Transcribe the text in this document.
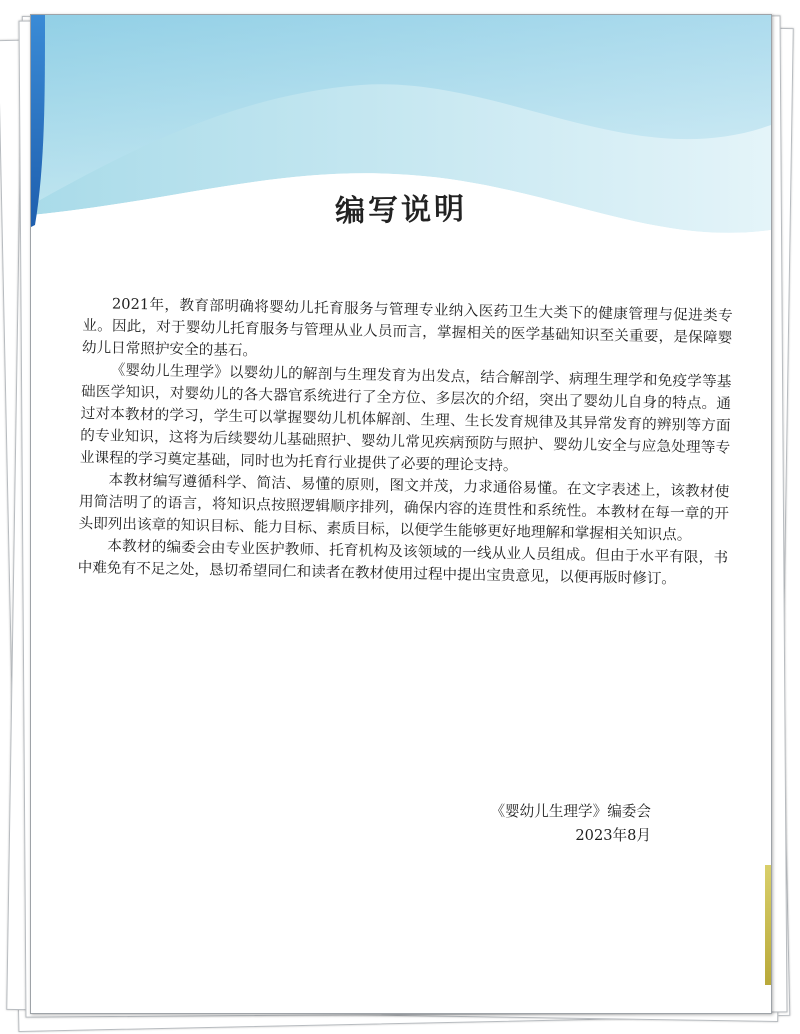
编写说明

2021年，教育部明确将婴幼儿托育服务与管理专业纳入医药卫生大类下的健康管理与促进类专业。因此，对于婴幼儿托育服务与管理从业人员而言，掌握相关的医学基础知识至关重要，是保障婴幼儿日常照护安全的基石。

《婴幼儿生理学》以婴幼儿的解剖与生理发育为出发点，结合解剖学、病理生理学和免疫学等基础医学知识，对婴幼儿的各大器官系统进行了全方位、多层次的介绍，突出了婴幼儿自身的特点。通过对本教材的学习，学生可以掌握婴幼儿机体解剖、生理、生长发育规律及其异常发育的辨别等方面的专业知识，这将为后续婴幼儿基础照护、婴幼儿常见疾病预防与照护、婴幼儿安全与应急处理等专业课程的学习奠定基础，同时也为托育行业提供了必要的理论支持。

本教材编写遵循科学、简洁、易懂的原则，图文并茂，力求通俗易懂。在文字表述上，该教材使用简洁明了的语言，将知识点按照逻辑顺序排列，确保内容的连贯性和系统性。本教材在每一章的开头即列出该章的知识目标、能力目标、素质目标，以便学生能够更好地理解和掌握相关知识点。

本教材的编委会由专业医护教师、托育机构及该领域的一线从业人员组成。但由于水平有限，书中难免有不足之处，恳切希望同仁和读者在教材使用过程中提出宝贵意见，以便再版时修订。

《婴幼儿生理学》编委会
2023年8月
